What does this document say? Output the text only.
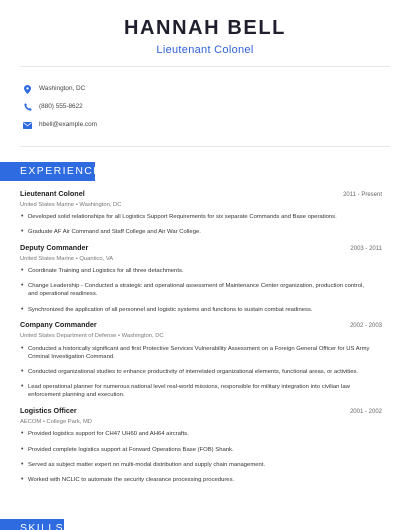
HANNAH BELL
Lieutenant Colonel
Washington, DC
(880) 555-8622
hbell@example.com
EXPERIENCE
Lieutenant Colonel	2011 - Present
United States Marine • Washington, DC
• Developed solid relationships for all Logistics Support Requirements for six separate Commands and Base operations.
• Graduate AF Air Command and Staff College and Air War College.
Deputy Commander	2003 - 2011
United States Marine • Quantico, VA
• Coordinate Training and Logistics for all three detachments.
• Change Leadership - Conducted a strategic and operational assessment of Maintenance Center organization, production control, and operational readiness.
• Synchronized the application of all personnel and logistic systems and functions to sustain combat readiness.
Company Commander	2002 - 2003
United States Department of Defense • Washington, DC
• Conducted a historically significant and first Protective Services Vulnerability Assessment on a Foreign General Officer for US Army Criminal Investigation Command.
• Conducted organizational studies to enhance productivity of interrelated organizational elements, functional areas, or activities.
• Lead operational planner for numerous national level real-world missions, responsible for military integration into civilian law enforcement planning and execution.
Logistics Officer	2001 - 2002
AECOM • College Park, MD
• Provided logistics support for CH47 UH60 and AH64 aircrafts.
• Provided complete logistics support at Forward Operations Base (FOB) Shank.
• Served as subject matter expert on multi-modal distribution and supply chain management.
• Worked with NCLIC to automate the security clearance processing procedures.
SKILLS
